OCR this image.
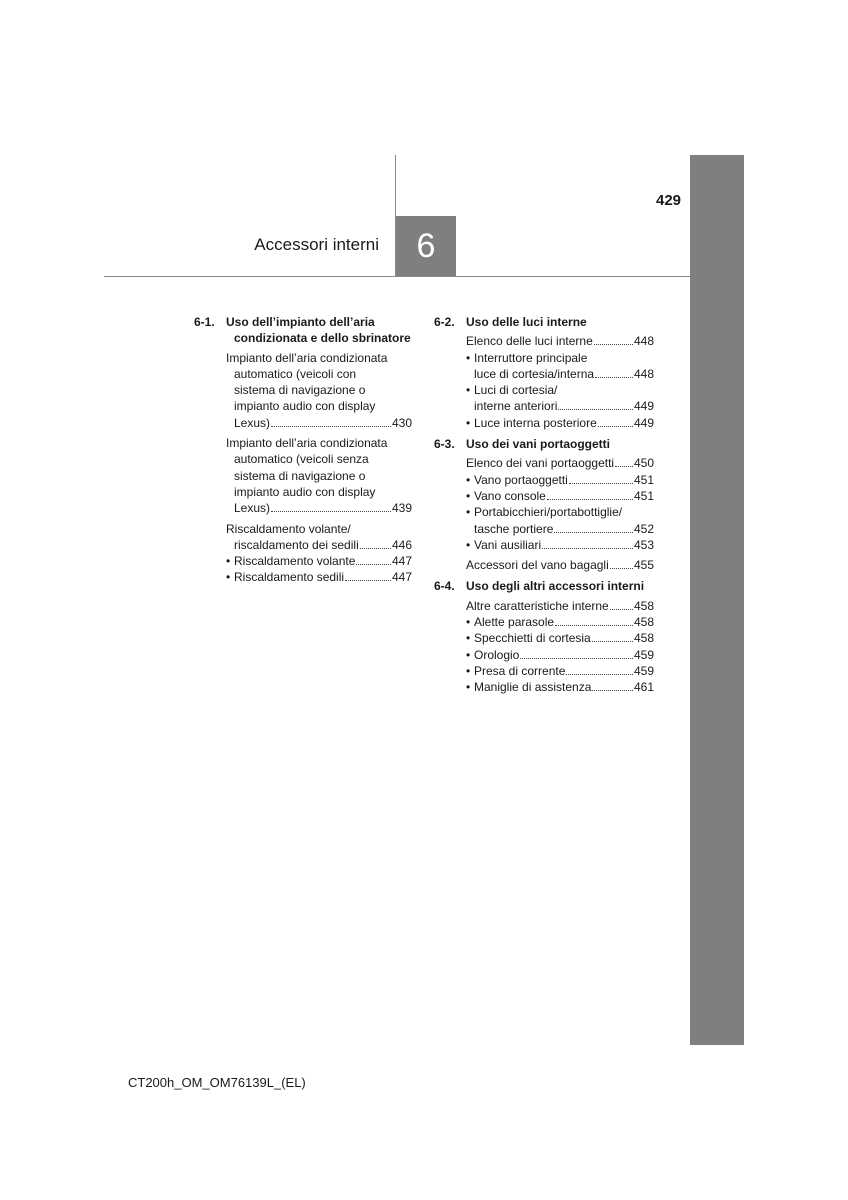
6
Accessori interni
429
6-1. Uso dell’impianto dell’aria
condizionata e dello sbrinatore
Impianto dell’aria condizionata
automatico (veicoli con
sistema di navigazione o
impianto audio con display
Lexus)	430
Impianto dell’aria condizionata
automatico (veicoli senza
sistema di navigazione o
impianto audio con display
Lexus)	439
Riscaldamento volante/
riscaldamento dei sedili	446
• Riscaldamento volante	447
• Riscaldamento sedili	447
6-2. Uso delle luci interne
Elenco delle luci interne	448
• Interruttore principale
luce di cortesia/interna	448
• Luci di cortesia/
interne anteriori	449
• Luce interna posteriore	449
6-3. Uso dei vani portaoggetti
Elenco dei vani portaoggetti 450
• Vano portaoggetti	451
• Vano console	451
• Portabicchieri/portabottiglie/
tasche portiere	452
• Vani ausiliari	453
Accessori del vano bagagli 455
6-4. Uso degli altri accessori interni
Altre caratteristiche interne 458
• Alette parasole	458
• Specchietti di cortesia	458
• Orologio	459
• Presa di corrente	459
• Maniglie di assistenza	461
CT200h_OM_OM76139L_(EL)
